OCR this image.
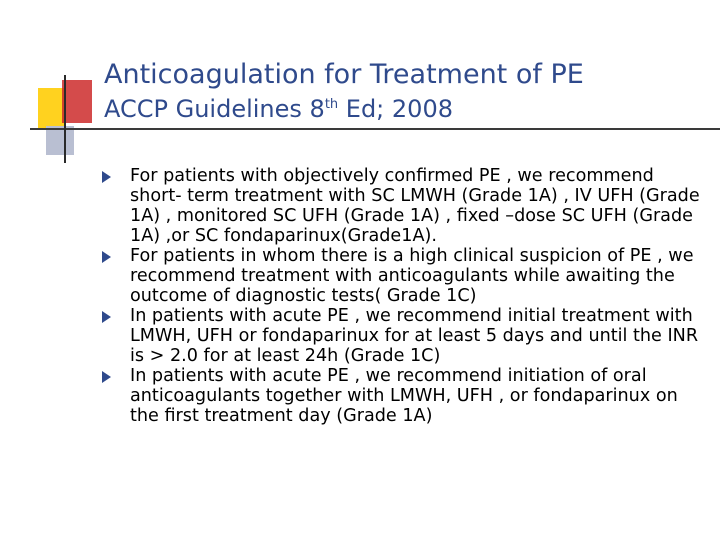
Anticoagulation for Treatment of PE
ACCP Guidelines 8th Ed; 2008
For patients with objectively confirmed PE , we recommend short- term treatment with SC LMWH (Grade 1A) , IV UFH (Grade 1A) , monitored SC UFH (Grade 1A) , fixed –dose SC UFH (Grade 1A) ,or SC fondaparinux(Grade1A).
For patients in whom there is a high clinical suspicion of PE , we recommend treatment with anticoagulants while awaiting the outcome of diagnostic tests( Grade 1C)
In patients with acute PE , we recommend initial treatment with LMWH, UFH or fondaparinux for at least 5 days and until the INR is > 2.0 for at least 24h (Grade 1C)
In patients with acute PE , we recommend initiation of oral anticoagulants together with LMWH, UFH , or fondaparinux on the first treatment day (Grade 1A)
